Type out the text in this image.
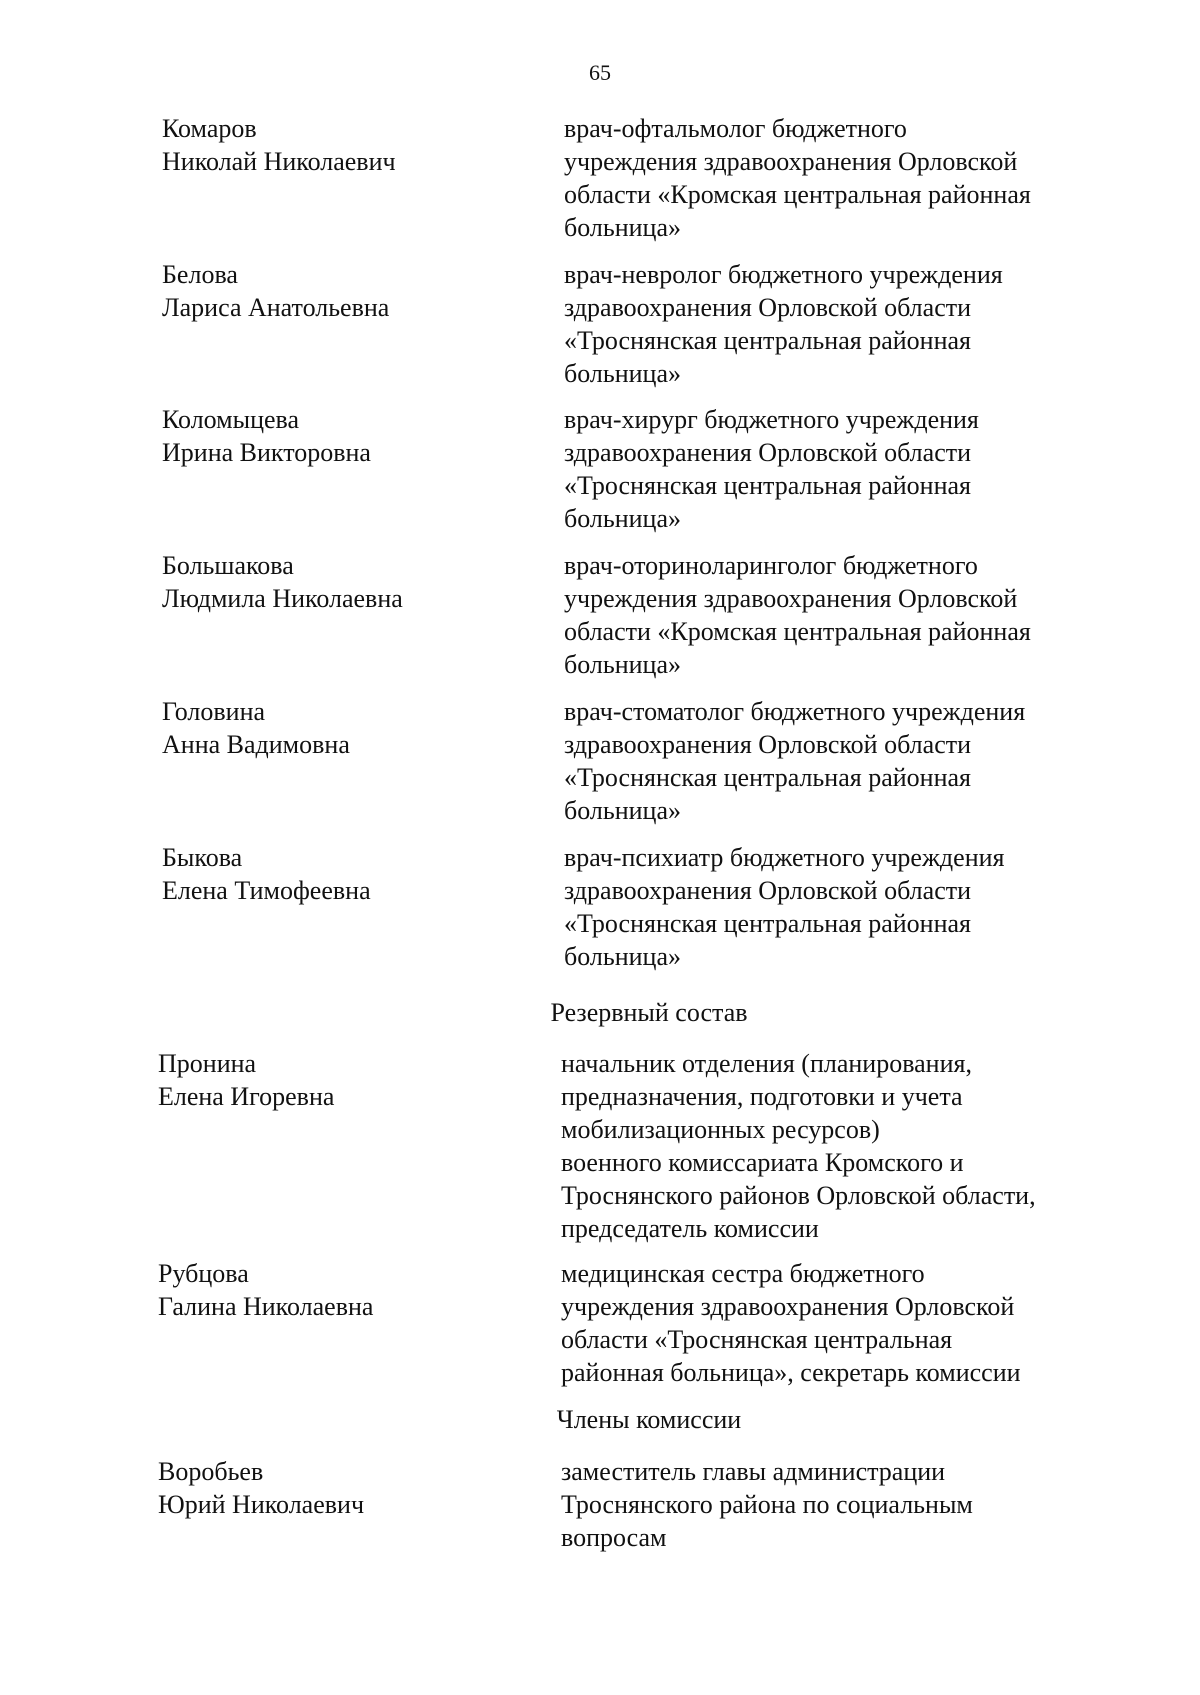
65
Комаров
Николай Николаевич
врач-офтальмолог бюджетного
учреждения здравоохранения Орловской
области «Кромская центральная районная
больница»
Белова
Лариса Анатольевна
врач-невролог бюджетного учреждения
здравоохранения Орловской области
«Троснянская центральная районная
больница»
Коломыцева
Ирина Викторовна
врач-хирург бюджетного учреждения
здравоохранения Орловской области
«Троснянская центральная районная
больница»
Большакова
Людмила Николаевна
врач-оториноларинголог бюджетного
учреждения здравоохранения Орловской
области «Кромская центральная районная
больница»
Головина
Анна Вадимовна
врач-стоматолог бюджетного учреждения
здравоохранения Орловской области
«Троснянская центральная районная
больница»
Быкова
Елена Тимофеевна
врач-психиатр бюджетного учреждения
здравоохранения Орловской области
«Троснянская центральная районная
больница»
Резервный состав
Пронина
Елена Игоревна
начальник отделения (планирования,
предназначения, подготовки и учета
мобилизационных ресурсов)
военного комиссариата Кромского и
Троснянского районов Орловской области,
председатель комиссии
Рубцова
Галина Николаевна
медицинская сестра бюджетного
учреждения здравоохранения Орловской
области «Троснянская центральная
районная больница», секретарь комиссии
Члены комиссии
Воробьев
Юрий Николаевич
заместитель главы администрации
Троснянского района по социальным
вопросам
